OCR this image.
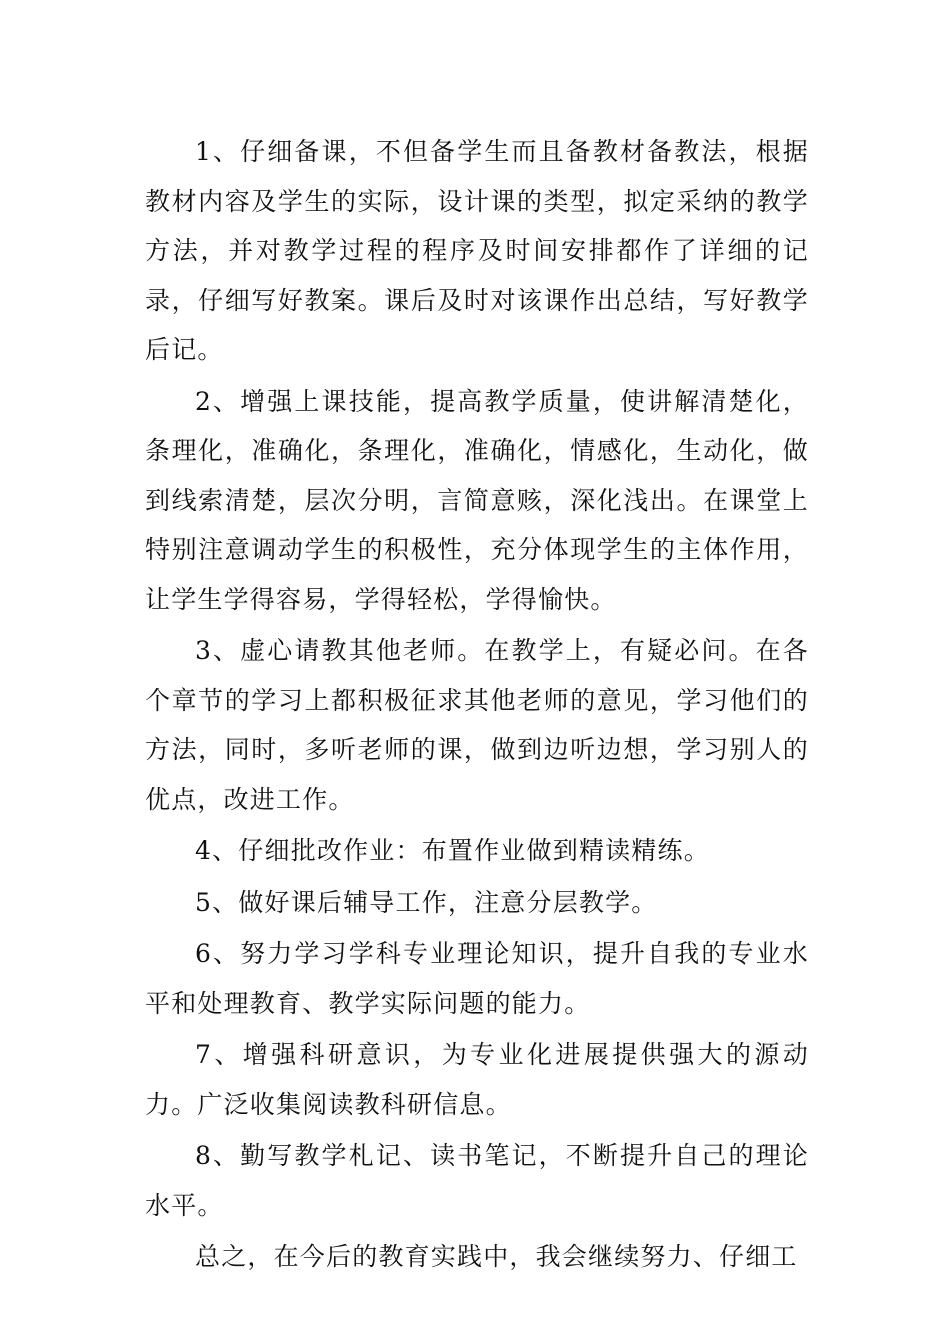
1、仔细备课，不但备学生而且备教材备教法，根据教材内容及学生的实际，设计课的类型，拟定采纳的教学方法，并对教学过程的程序及时间安排都作了详细的记录，仔细写好教案。课后及时对该课作出总结，写好教学后记。

2、增强上课技能，提高教学质量，使讲解清楚化，条理化，准确化，条理化，准确化，情感化，生动化，做到线索清楚，层次分明，言简意赅，深化浅出。在课堂上特别注意调动学生的积极性，充分体现学生的主体作用，让学生学得容易，学得轻松，学得愉快。

3、虚心请教其他老师。在教学上，有疑必问。在各个章节的学习上都积极征求其他老师的意见，学习他们的方法，同时，多听老师的课，做到边听边想，学习别人的优点，改进工作。

4、仔细批改作业：布置作业做到精读精练。

5、做好课后辅导工作，注意分层教学。

6、努力学习学科专业理论知识，提升自我的专业水平和处理教育、教学实际问题的能力。

7、增强科研意识，为专业化进展提供强大的源动力。广泛收集阅读教科研信息。

8、勤写教学札记、读书笔记，不断提升自己的理论水平。

总之，在今后的教育实践中，我会继续努力、仔细工
